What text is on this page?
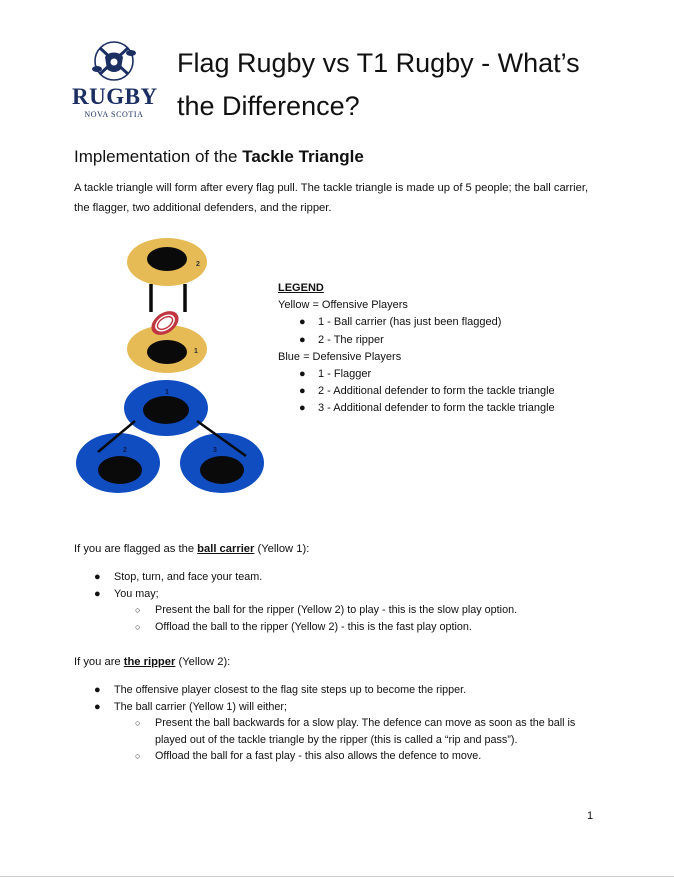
RUGBY
NOVA SCOTIA
Flag Rugby vs T1 Rugby - What’s
the Difference?
Implementation of the Tackle Triangle
A tackle triangle will form after every flag pull. The tackle triangle is made up of 5 people; the ball carrier,
the flagger, two additional defenders, and the ripper.
2
1
1
2	3
LEGEND
Yellow = Offensive Players
● 1 - Ball carrier (has just been flagged)
● 2 - The ripper
Blue = Defensive Players
● 1 - Flagger
● 2 - Additional defender to form the tackle triangle
● 3 - Additional defender to form the tackle triangle
If you are flagged as the ball carrier (Yellow 1):
● Stop, turn, and face your team.
● You may;
○ Present the ball for the ripper (Yellow 2) to play - this is the slow play option.
○ Offload the ball to the ripper (Yellow 2) - this is the fast play option.
If you are the ripper (Yellow 2):
● The offensive player closest to the flag site steps up to become the ripper.
● The ball carrier (Yellow 1) will either;
○ Present the ball backwards for a slow play. The defence can move as soon as the ball is
played out of the tackle triangle by the ripper (this is called a “rip and pass”).
○ Offload the ball for a fast play - this also allows the defence to move.
1
